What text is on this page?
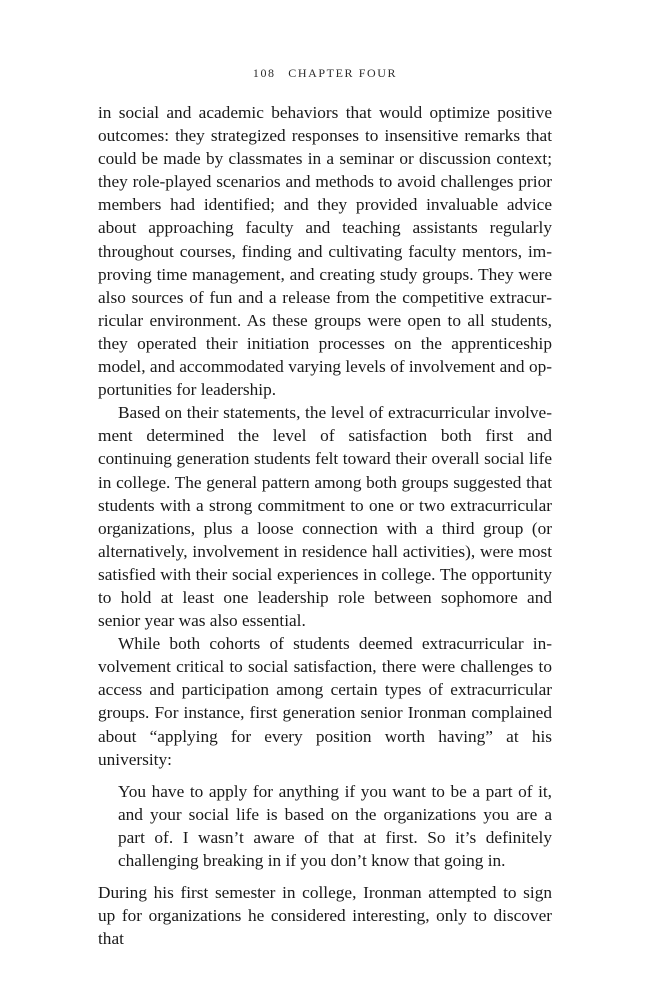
108 CHAPTER FOUR

in social and academic behaviors that would optimize positive outcomes: they strategized responses to insensitive remarks that could be made by classmates in a seminar or discussion context; they role-played scenarios and methods to avoid challenges prior members had identified; and they provided invaluable advice about approaching faculty and teaching assistants regularly throughout courses, finding and cultivating faculty mentors, improving time management, and creating study groups. They were also sources of fun and a release from the competitive extracurricular environment. As these groups were open to all students, they operated their initiation processes on the apprenticeship model, and accommodated varying levels of involvement and opportunities for leadership.

Based on their statements, the level of extracurricular involvement determined the level of satisfaction both first and continuing generation students felt toward their overall social life in college. The general pattern among both groups suggested that students with a strong commitment to one or two extracurricular organizations, plus a loose connection with a third group (or alternatively, involvement in residence hall activities), were most satisfied with their social experiences in college. The opportunity to hold at least one leadership role between sophomore and senior year was also essential.

While both cohorts of students deemed extracurricular involvement critical to social satisfaction, there were challenges to access and participation among certain types of extracurricular groups. For instance, first generation senior Ironman complained about “applying for every position worth having” at his university:

You have to apply for anything if you want to be a part of it, and your social life is based on the organizations you are a part of. I wasn’t aware of that at first. So it’s definitely challenging breaking in if you don’t know that going in.

During his first semester in college, Ironman attempted to sign up for organizations he considered interesting, only to discover that
